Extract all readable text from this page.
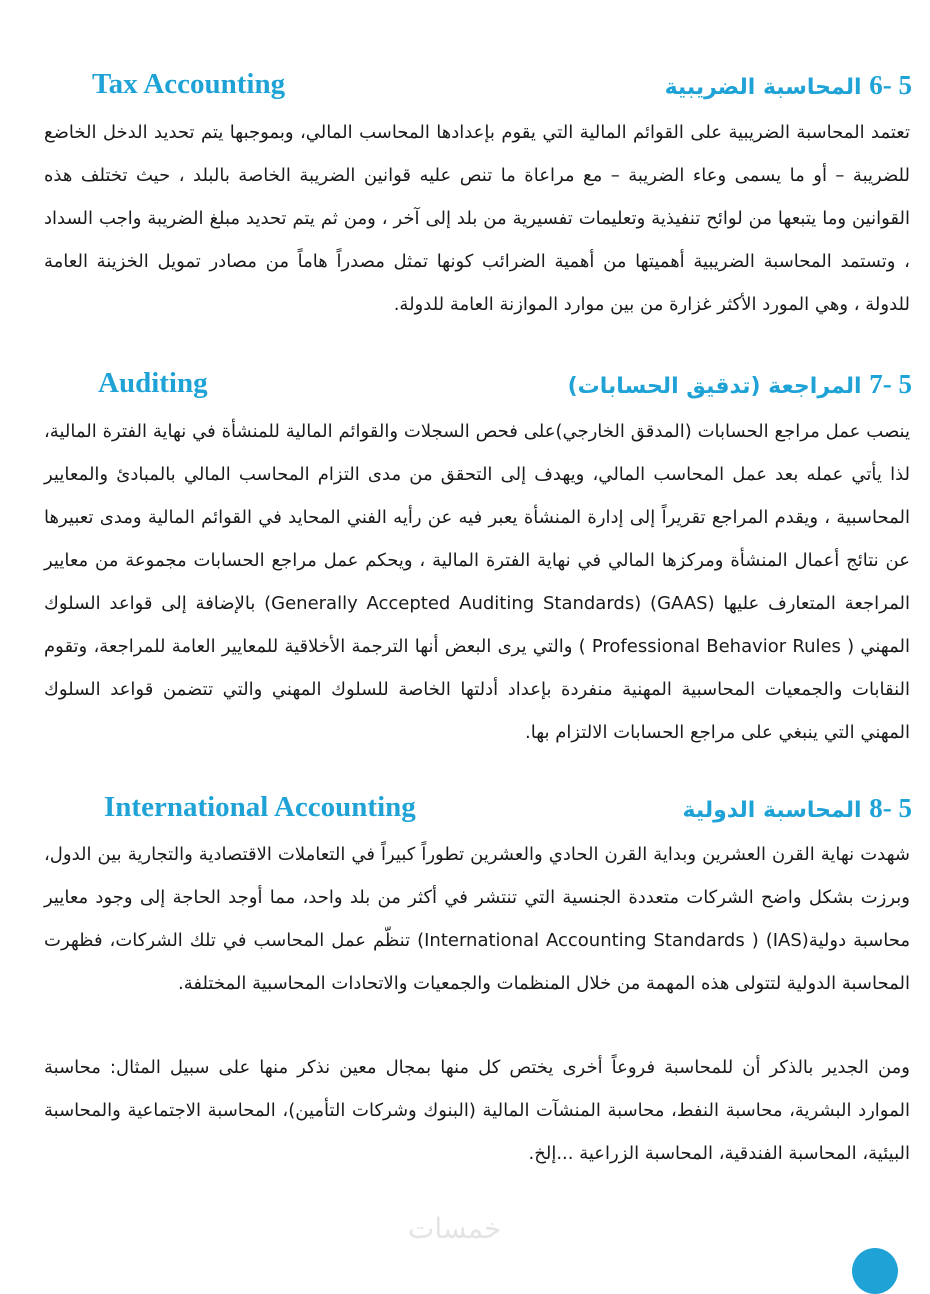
Tax Accounting	5 -6 المحاسبة الضريبية

تعتمد المحاسبة الضريبية على القوائم المالية التي يقوم بإعدادها المحاسب المالي، وبموجبها يتم تحديد الدخل الخاضع للضريبة – أو ما يسمى وعاء الضريبة – مع مراعاة ما تنص عليه قوانين الضريبة الخاصة بالبلد ، حيث تختلف هذه القوانين وما يتبعها من لوائح تنفيذية وتعليمات تفسيرية من بلد إلى آخر ، ومن ثم يتم تحديد مبلغ الضريبة واجب السداد ، وتستمد المحاسبة الضريبية أهميتها من أهمية الضرائب كونها تمثل مصدراً هاماً من مصادر تمويل الخزينة العامة للدولة ، وهي المورد الأكثر غزارة من بين موارد الموازنة العامة للدولة.

Auditing	5 -7 المراجعة (تدقيق الحسابات)

ينصب عمل مراجع الحسابات (المدقق الخارجي)على فحص السجلات والقوائم المالية للمنشأة في نهاية الفترة المالية، لذا يأتي عمله بعد عمل المحاسب المالي، ويهدف إلى التحقق من مدى التزام المحاسب المالي بالمبادئ والمعايير المحاسبية ، ويقدم المراجع تقريراً إلى إدارة المنشأة يعبر فيه عن رأيه الفني المحايد في القوائم المالية ومدى تعبيرها عن نتائج أعمال المنشأة ومركزها المالي في نهاية الفترة المالية ، ويحكم عمل مراجع الحسابات مجموعة من معايير المراجعة المتعارف عليها (GAAS) (Generally Accepted Auditing Standards) بالإضافة إلى قواعد السلوك المهني ( Professional Behavior Rules ) والتي يرى البعض أنها الترجمة الأخلاقية للمعايير العامة للمراجعة، وتقوم النقابات والجمعيات المحاسبية المهنية منفردة بإعداد أدلتها الخاصة للسلوك المهني والتي تتضمن قواعد السلوك المهني التي ينبغي على مراجع الحسابات الالتزام بها.

International Accounting	5 -8 المحاسبة الدولية

شهدت نهاية القرن العشرين وبداية القرن الحادي والعشرين تطوراً كبيراً في التعاملات الاقتصادية والتجارية بين الدول، وبرزت بشكل واضح الشركات متعددة الجنسية التي تنتشر في أكثر من بلد واحد، مما أوجد الحاجة إلى وجود معايير محاسبة دولية(IAS) ( International Accounting Standards) تنظّم عمل المحاسب في تلك الشركات، فظهرت المحاسبة الدولية لتتولى هذه المهمة من خلال المنظمات والجمعيات والاتحادات المحاسبية المختلفة.

ومن الجدير بالذكر أن للمحاسبة فروعاً أخرى يختص كل منها بمجال معين نذكر منها على سبيل المثال: محاسبة الموارد البشرية، محاسبة النفط، محاسبة المنشآت المالية (البنوك وشركات التأمين)، المحاسبة الاجتماعية والمحاسبة البيئية، المحاسبة الفندقية، المحاسبة الزراعية ...إلخ.

خمسات
